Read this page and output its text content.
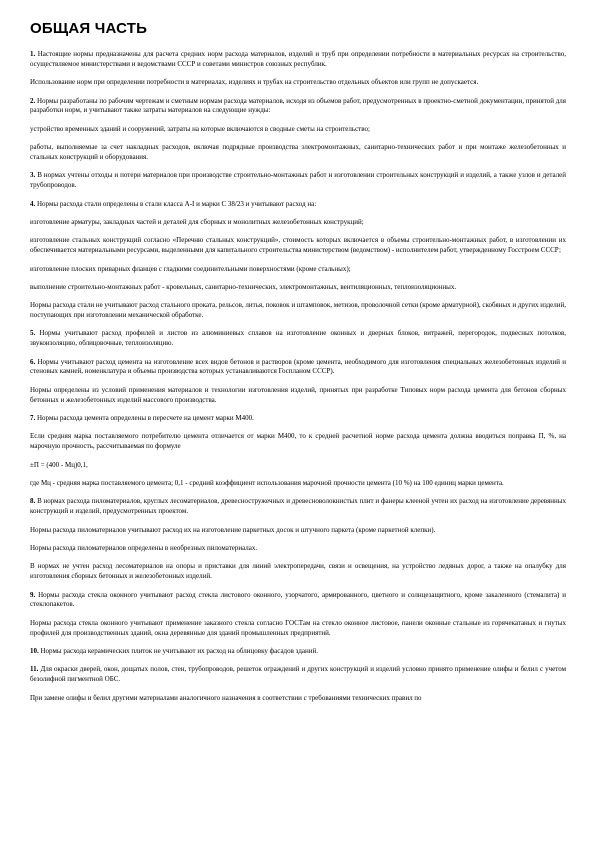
ОБЩАЯ ЧАСТЬ

1. Настоящие нормы предназначены для расчета средних норм расхода материалов, изделий и труб при определении потребности в материальных ресурсах на строительство, осуществляемое министерствами и ведомствами СССР и советами министров союзных республик.

Использование норм при определении потребности в материалах, изделиях и трубах на строительство отдельных объектов или групп не допускается.

2. Нормы разработаны по рабочим чертежам и сметным нормам расхода материалов, исходя из объемов работ, предусмотренных в проектно-сметной документации, принятой для разработки норм, и учитывают также затраты материалов на следующие нужды:

устройство временных зданий и сооружений, затраты на которые включаются в сводные сметы на строительство;

работы, выполняемые за счет накладных расходов, включая подрядные производства электромонтажных, санитарно-технических работ и при монтаже железобетонных и стальных конструкций и оборудования.

3. В нормах учтены отходы и потери материалов при производстве строительно-монтажных работ и изготовлении строительных конструкций и изделий, а также узлов и деталей трубопроводов.

4. Нормы расхода стали определены в стали класса А-I и марки С 38/23 и учитывают расход на:

изготовление арматуры, закладных частей и деталей для сборных и монолитных железобетонных конструкций;

изготовление стальных конструкций согласно «Перечню стальных конструкций», стоимость которых включается в объемы строительно-монтажных работ, в изготовлении их обеспечивается материальными ресурсами, выделенными для капитального строительства министерством (ведомством) - исполнителем работ, утвержденному Госстроем СССР;

изготовление плоских приварных фланцев с гладкими соединительными поверхностями (кроме стальных);

выполнение строительно-монтажных работ - кровельных, санитарно-технических, электромонтажных, вентиляционных, теплоизоляционных.

Нормы расхода стали не учитывают расход стального проката, рельсов, литья, поковок и штамповок, метизов, проволочной сетки (кроме арматурной), скобяных и других изделий, поступающих при изготовлении механической обработке.

5. Нормы учитывают расход профилей и листов из алюминиевых сплавов на изготовление оконных и дверных блоков, витражей, перегородок, подвесных потолков, звукоизоляцию, облицовочные, теплоизоляцию.

6. Нормы учитывают расход цемента на изготовление всех видов бетонов и растворов (кроме цемента, необходимого для изготовления специальных железобетонных изделий и стеновых камней, номенклатура и объемы производства которых устанавливаются Госпланом СССР).

Нормы определены из условий применения материалов и технологии изготовления изделий, принятых при разработке Типовых норм расхода цемента для бетонов сборных бетонных и железобетонных изделий массового производства.

7. Нормы расхода цемента определены в пересчете на цемент марки М400.

Если средняя марка поставляемого потребителю цемента отличается от марки М400, то к средней расчетной норме расхода цемента должна вводиться поправка П, %, на марочную прочность, рассчитываемая по формуле

±П = (400 - Мц)0,1,

где Мц - средняя марка поставляемого цемента; 0,1 - средний коэффициент использования марочной прочности цемента (10 %) на 100 единиц марки цемента.

8. В нормах расхода пиломатериалов, круглых лесоматериалов, древесностружечных и древесноволокнистых плит и фанеры клееной учтен их расход на изготовление деревянных конструкций и изделий, предусмотренных проектом.

Нормы расхода пиломатериалов учитывают расход их на изготовление паркетных досок и штучного паркета (кроме паркетной клепки).

Нормы расхода пиломатериалов определены в необрезных пиломатериалах.

В нормах не учтен расход лесоматериалов на опоры и приставки для линий электропередачи, связи и освещения, на устройство ледяных дорог, а также на опалубку для изготовления сборных бетонных и железобетонных изделий.

9. Нормы расхода стекла оконного учитывают расход стекла листового оконного, узорчатого, армированного, цветного и солнцезащитного, кроме закаленного (стемалита) и стеклопакетов.

Нормы расхода стекла оконного учитывают применение заказного стекла согласно ГОСТам на стекло оконное листовое, панели оконные стальные из горячекатаных и гнутых профилей для производственных зданий, окна деревянные для зданий промышленных предприятий.

10. Нормы расхода керамических плиток не учитывают их расход на облицовку фасадов зданий.

11. Для окраски дверей, окон, дощатых полов, стен, трубопроводов, решеток ограждений и других конструкций и изделий условно принято применение олифы и белил с учетом безолифной пигментной ОБС.

При замене олифы и белил другими материалами аналогичного назначения в соответствии с требованиями технических правил по
